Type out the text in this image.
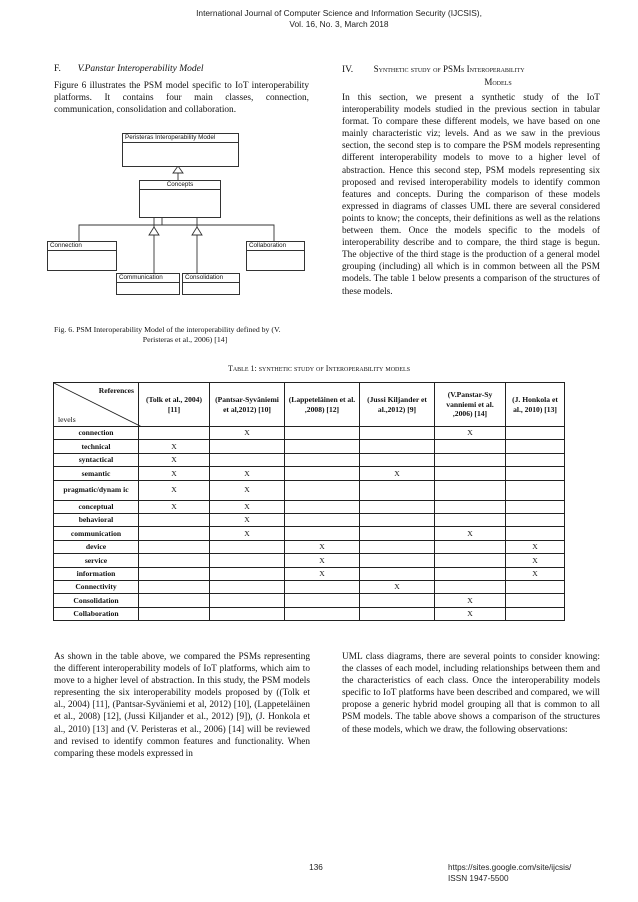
International Journal of Computer Science and Information Security (IJCSIS),
Vol. 16, No. 3, March 2018
F. V.Panstar Interoperability Model
Figure 6 illustrates the PSM model specific to IoT interoperability platforms. It contains four main classes, connection, communication, consolidation and collaboration.
Peristeras Interoperability Model
Concepts
Connection	Collaboration
Communication	Consolidation
Fig. 6. PSM Interoperability Model of the interoperability defined by (V.
Peristeras et al., 2006) [14]
IV. Synthetic study of PSMs Interoperability
Models
In this section, we present a synthetic study of the IoT interoperability models studied in the previous section in tabular format. To compare these different models, we have based on one mainly characteristic viz; levels. And as we saw in the previous section, the second step is to compare the PSM models representing different interoperability models to move to a higher level of abstraction. Hence this second step, PSM models representing six proposed and revised interoperability models to identify common features and concepts. During the comparison of these models expressed in diagrams of classes UML there are several considered points to know; the concepts, their definitions as well as the relations between them. Once the models specific to the models of interoperability describe and to compare, the third stage is begun. The objective of the third stage is the production of a general model grouping (including) all which is in common between all the PSM models. The table 1 below presents a comparison of the structures of these models.
Table 1: synthetic study of Interoperability models
References
levels	(Tolk et al., 2004) [11]	(Pantsar-Syväniemi et al,2012) [10]	(Lappeteläinen et al. ,2008) [12]	(Jussi Kiljander et al.,2012) [9]	(V.Panstar-Sy vanniemi et al. ,2006) [14]	(J. Honkola et al., 2010) [13]
connection		X			X	
technical	X					
syntactical	X					
semantic	X	X		X		
pragmatic/dynam ic	X	X				
conceptual	X	X				
behavioral		X				
communication		X			X	
device			X			X
service			X			X
information			X			X
Connectivity				X		
Consolidation					X	
Collaboration					X	
As shown in the table above, we compared the PSMs representing the different interoperability models of IoT platforms, which aim to move to a higher level of abstraction. In this study, the PSM models representing the six interoperability models proposed by ((Tolk et al., 2004) [11], (Pantsar-Syväniemi et al, 2012) [10], (Lappeteläinen et al., 2008) [12], (Jussi Kiljander et al., 2012) [9]), (J. Honkola et al., 2010) [13] and (V. Peristeras et al., 2006) [14] will be reviewed and revised to identify common features and functionality. When comparing these models expressed in
UML class diagrams, there are several points to consider knowing: the classes of each model, including relationships between them and the characteristics of each class. Once the interoperability models specific to IoT platforms have been described and compared, we will propose a generic hybrid model grouping all that is common to all PSM models. The table above shows a comparison of the structures of these models, which we draw, the following observations:
136	https://sites.google.com/site/ijcsis/
ISSN 1947-5500
